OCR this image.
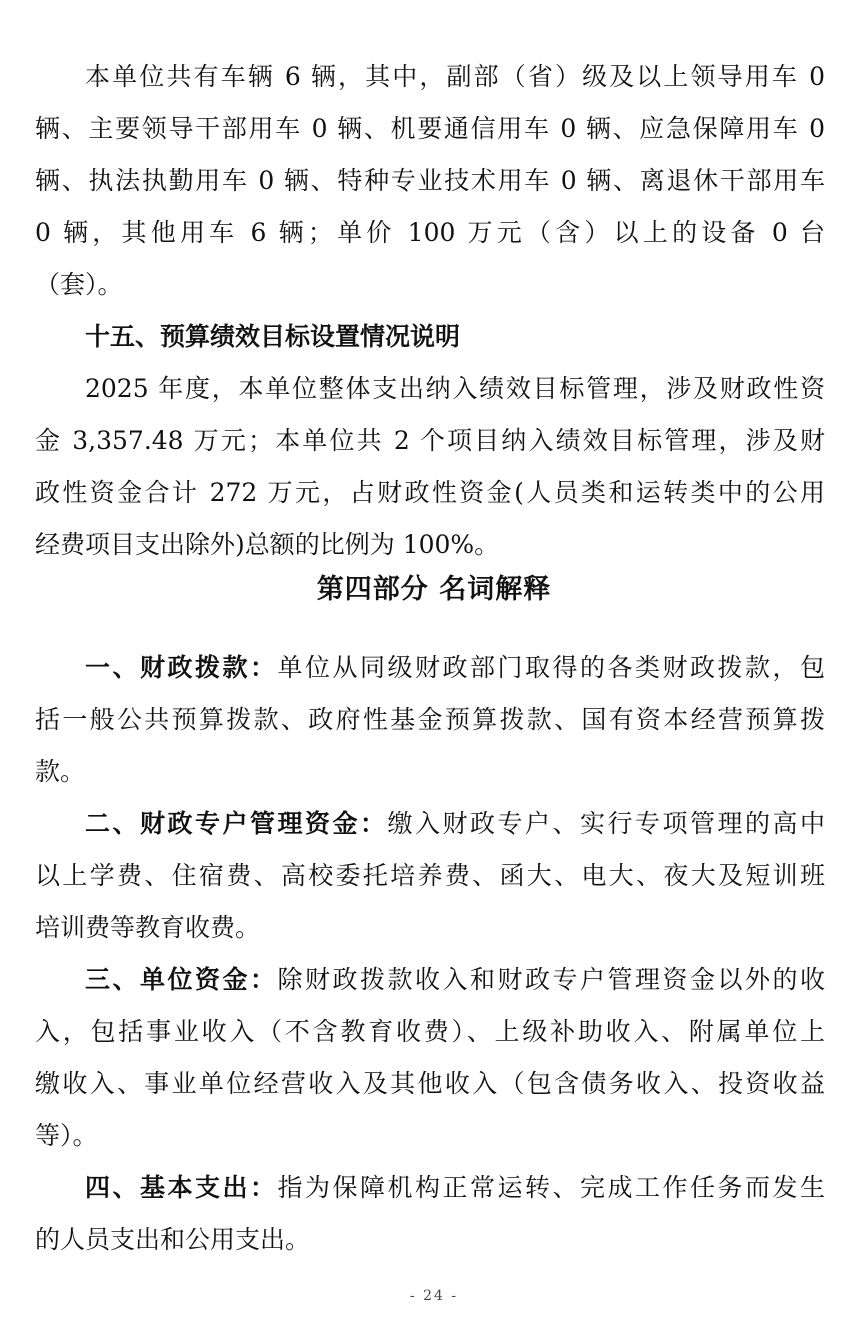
本单位共有车辆 6 辆，其中，副部（省）级及以上领导用车 0
辆、主要领导干部用车 0 辆、机要通信用车 0 辆、应急保障用车 0
辆、执法执勤用车 0 辆、特种专业技术用车 0 辆、离退休干部用车
0 辆，其他用车 6 辆；单价 100 万元（含）以上的设备 0 台
（套）。
十五、预算绩效目标设置情况说明
2025 年度，本单位整体支出纳入绩效目标管理，涉及财政性资
金 3,357.48 万元；本单位共 2 个项目纳入绩效目标管理，涉及财
政性资金合计 272 万元，占财政性资金(人员类和运转类中的公用
经费项目支出除外)总额的比例为 100%。
第四部分 名词解释
一、财政拨款：单位从同级财政部门取得的各类财政拨款，包
括一般公共预算拨款、政府性基金预算拨款、国有资本经营预算拨
款。
二、财政专户管理资金：缴入财政专户、实行专项管理的高中
以上学费、住宿费、高校委托培养费、函大、电大、夜大及短训班
培训费等教育收费。
三、单位资金：除财政拨款收入和财政专户管理资金以外的收
入，包括事业收入（不含教育收费）、上级补助收入、附属单位上
缴收入、事业单位经营收入及其他收入（包含债务收入、投资收益
等）。
四、基本支出：指为保障机构正常运转、完成工作任务而发生
的人员支出和公用支出。
- 24 -
